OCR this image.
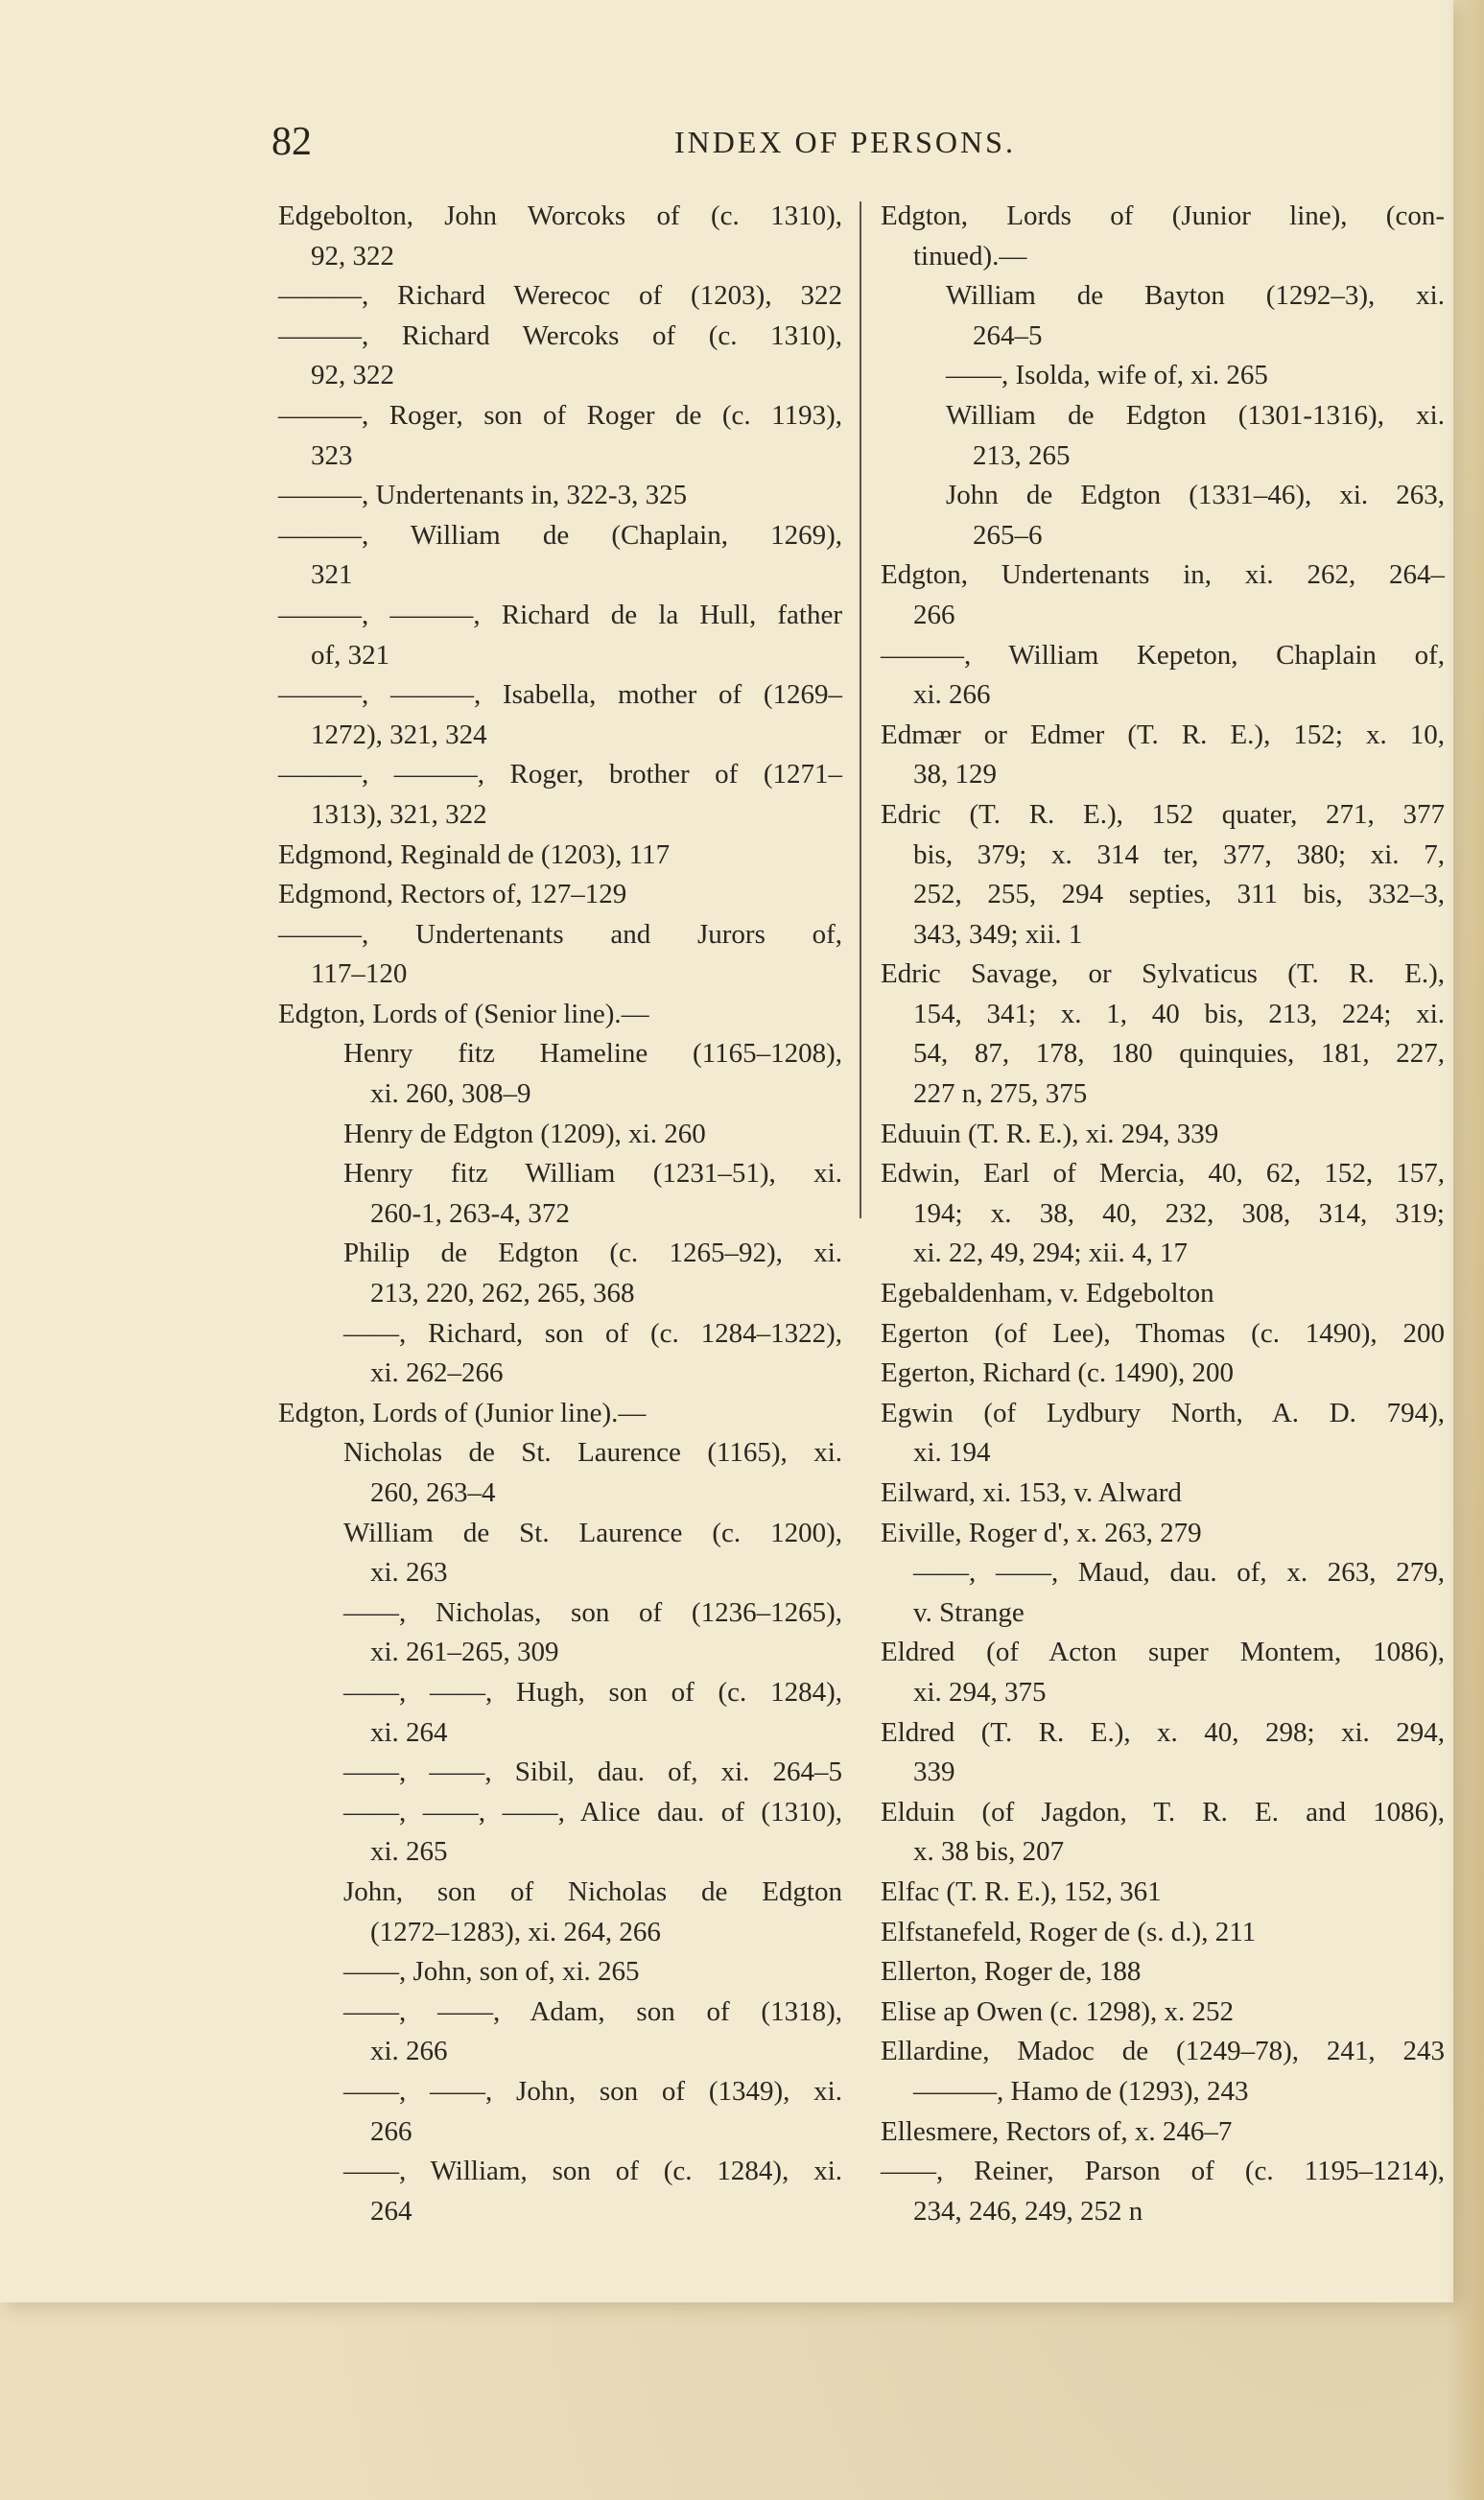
82	INDEX OF PERSONS.
Edgebolton, John Worcoks of (c. 1310),
92, 322
———, Richard Werecoc of (1203), 322
———, Richard Wercoks of (c. 1310),
92, 322
———, Roger, son of Roger de (c. 1193),
323
———, Undertenants in, 322-3, 325
———, William de (Chaplain, 1269),
321
———, ———, Richard de la Hull, father
of, 321
———, ———, Isabella, mother of (1269–
1272), 321, 324
———, ———, Roger, brother of (1271–
1313), 321, 322
Edgmond, Reginald de (1203), 117
Edgmond, Rectors of, 127–129
———, Undertenants and Jurors of,
117–120
Edgton, Lords of (Senior line).—
Henry fitz Hameline (1165–1208),
xi. 260, 308–9
Henry de Edgton (1209), xi. 260
Henry fitz William (1231–51), xi.
260-1, 263-4, 372
Philip de Edgton (c. 1265–92), xi.
213, 220, 262, 265, 368
——, Richard, son of (c. 1284–1322),
xi. 262–266
Edgton, Lords of (Junior line).—
Nicholas de St. Laurence (1165), xi.
260, 263–4
William de St. Laurence (c. 1200),
xi. 263
——, Nicholas, son of (1236–1265),
xi. 261–265, 309
——, ——, Hugh, son of (c. 1284),
xi. 264
——, ——, Sibil, dau. of, xi. 264–5
——, ——, ——, Alice dau. of (1310),
xi. 265
John, son of Nicholas de Edgton
(1272–1283), xi. 264, 266
——, John, son of, xi. 265
——, ——, Adam, son of (1318),
xi. 266
——, ——, John, son of (1349), xi.
266
——, William, son of (c. 1284), xi.
264
Edgton, Lords of (Junior line), (con-
tinued).—
William de Bayton (1292–3), xi.
264–5
——, Isolda, wife of, xi. 265
William de Edgton (1301-1316), xi.
213, 265
John de Edgton (1331–46), xi. 263,
265–6
Edgton, Undertenants in, xi. 262, 264–
266
———, William Kepeton, Chaplain of,
xi. 266
Edmær or Edmer (T. R. E.), 152; x. 10,
38, 129
Edric (T. R. E.), 152 quater, 271, 377
bis, 379; x. 314 ter, 377, 380; xi. 7,
252, 255, 294 septies, 311 bis, 332–3,
343, 349; xii. 1
Edric Savage, or Sylvaticus (T. R. E.),
154, 341; x. 1, 40 bis, 213, 224; xi.
54, 87, 178, 180 quinquies, 181, 227,
227 n, 275, 375
Eduuin (T. R. E.), xi. 294, 339
Edwin, Earl of Mercia, 40, 62, 152, 157,
194; x. 38, 40, 232, 308, 314, 319;
xi. 22, 49, 294; xii. 4, 17
Egebaldenham, v. Edgebolton
Egerton (of Lee), Thomas (c. 1490), 200
Egerton, Richard (c. 1490), 200
Egwin (of Lydbury North, A. D. 794),
xi. 194
Eilward, xi. 153, v. Alward
Eiville, Roger d', x. 263, 279
——, ——, Maud, dau. of, x. 263, 279,
v. Strange
Eldred (of Acton super Montem, 1086),
xi. 294, 375
Eldred (T. R. E.), x. 40, 298; xi. 294,
339
Elduin (of Jagdon, T. R. E. and 1086),
x. 38 bis, 207
Elfac (T. R. E.), 152, 361
Elfstanefeld, Roger de (s. d.), 211
Ellerton, Roger de, 188
Elise ap Owen (c. 1298), x. 252
Ellardine, Madoc de (1249–78), 241, 243
———, Hamo de (1293), 243
Ellesmere, Rectors of, x. 246–7
——, Reiner, Parson of (c. 1195–1214),
234, 246, 249, 252 n
